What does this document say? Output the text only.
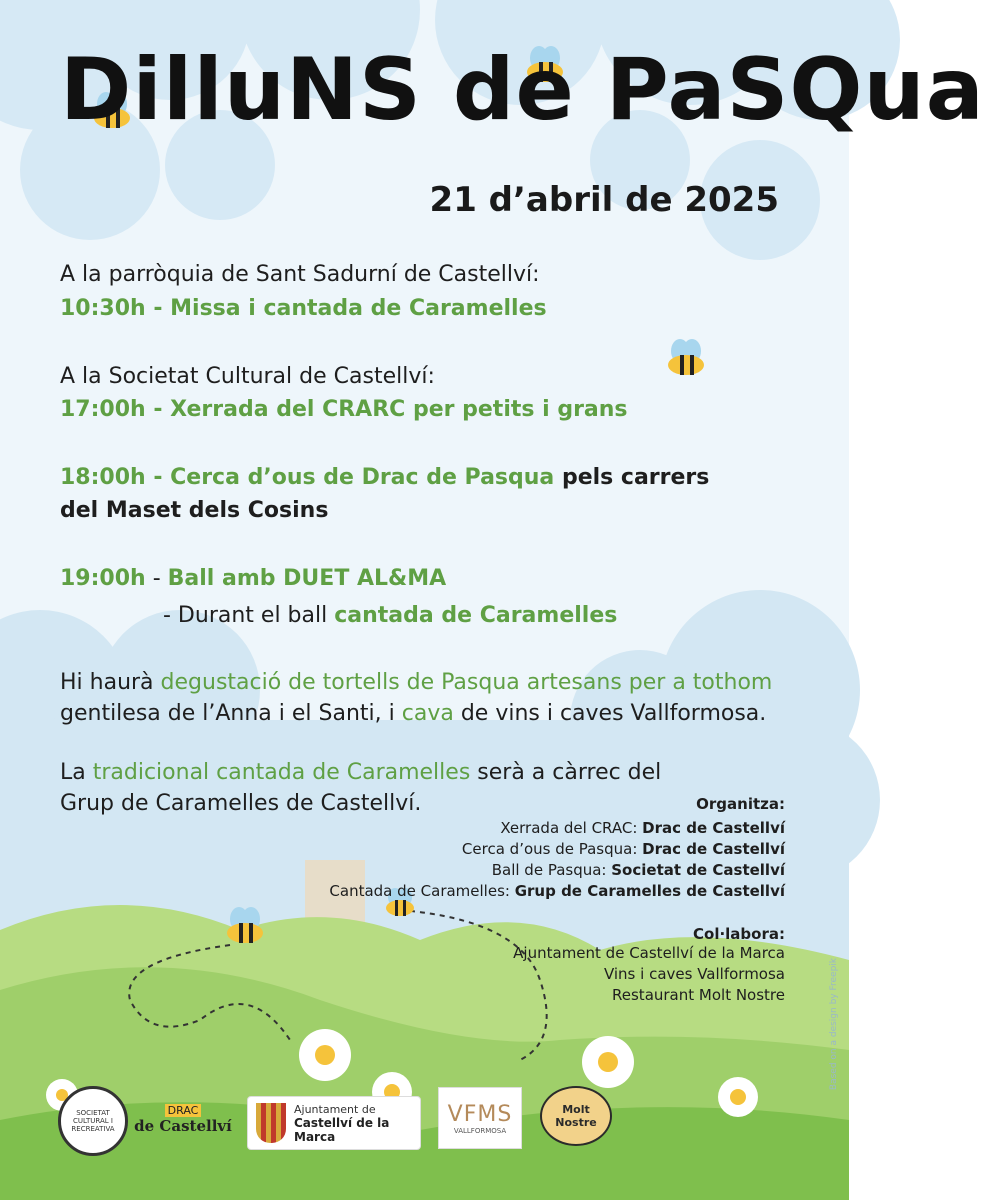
DilluNS de PaSQua
21 d’abril de 2025
A la parròquia de Sant Sadurní de Castellví:
10:30h - Missa i cantada de Caramelles
A la Societat Cultural de Castellví:
17:00h - Xerrada del CRARC per petits i grans
18:00h - Cerca d’ous de Drac de Pasqua pels carrers
del Maset dels Cosins
19:00h - Ball amb DUET AL&MA
- Durant el ball cantada de Caramelles
Hi haurà degustació de tortells de Pasqua artesans per a tothom
gentilesa de l’Anna i el Santi, i cava de vins i caves Vallformosa.
La tradicional cantada de Caramelles serà a càrrec del
Grup de Caramelles de Castellví.	Organitza:
Xerrada del CRAC: Drac de Castellví
Cerca d’ous de Pasqua: Drac de Castellví
Ball de Pasqua: Societat de Castellví
Cantada de Caramelles: Grup de Caramelles de Castellví
Col·labora:
Ajuntament de Castellví de la Marca
Vins i caves Vallformosa
Restaurant Molt Nostre	Based on a design by Freepik
SOCIETAT CULTURAL I RECREATIVA
DRAC
de Castellví
Ajuntament de
Castellví de la Marca
VFMS
VALLFORMOSA
Molt Nostre
